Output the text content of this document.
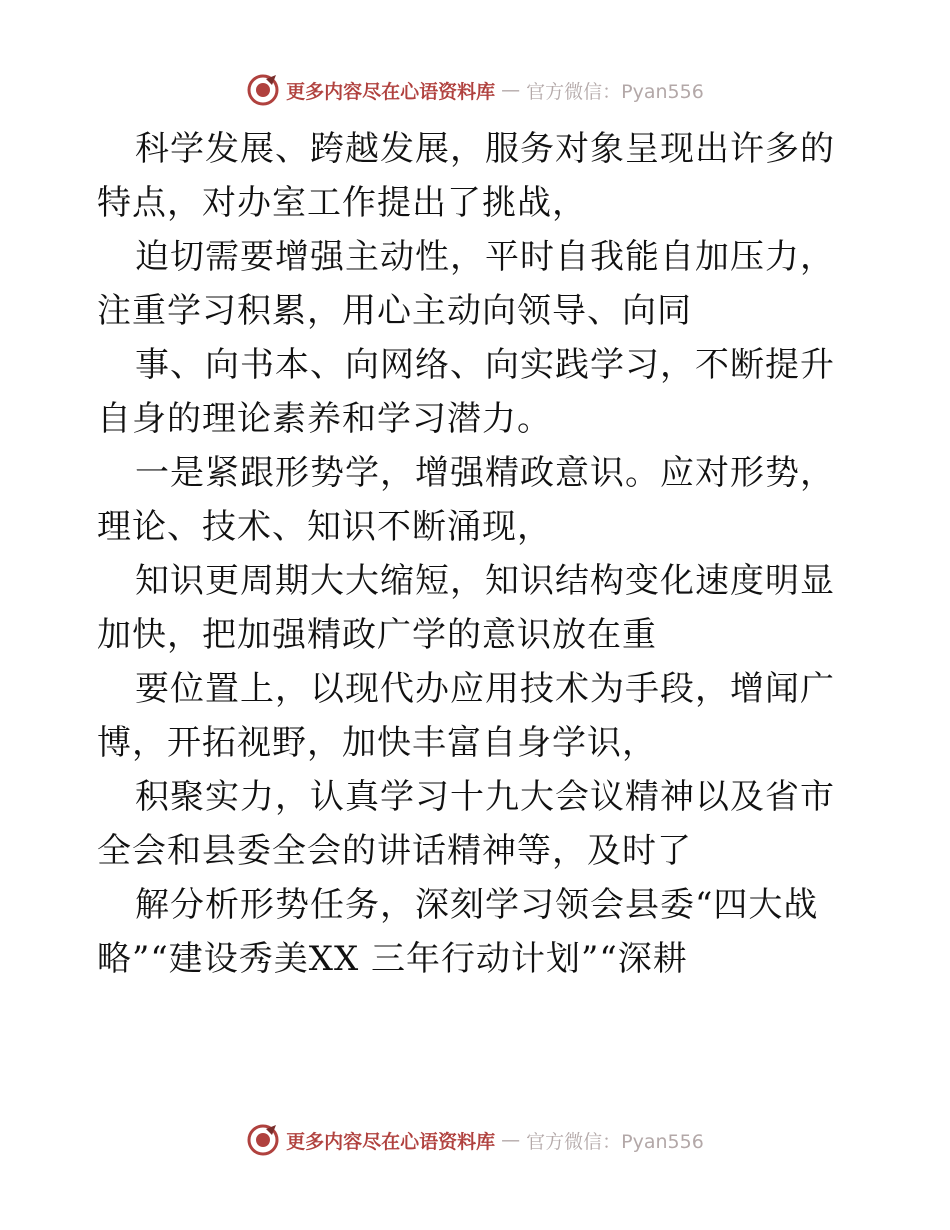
更多内容尽在心语资料库 — 官方微信：Pyan556

科学发展、跨越发展，服务对象呈现出许多的特点，对办室工作提出了挑战，

迫切需要增强主动性，平时自我能自加压力，注重学习积累，用心主动向领导、向同

事、向书本、向网络、向实践学习，不断提升自身的理论素养和学习潜力。

一是紧跟形势学，增强精政意识。应对形势，理论、技术、知识不断涌现，

知识更周期大大缩短，知识结构变化速度明显加快，把加强精政广学的意识放在重

要位置上，以现代办应用技术为手段，增闻广博，开拓视野，加快丰富自身学识，

积聚实力，认真学习十九大会议精神以及省市全会和县委全会的讲话精神等，及时了

解分析形势任务，深刻学习领会县委“四大战略”“建设秀美XX 三年行动计划”“深耕

更多内容尽在心语资料库 — 官方微信：Pyan556
